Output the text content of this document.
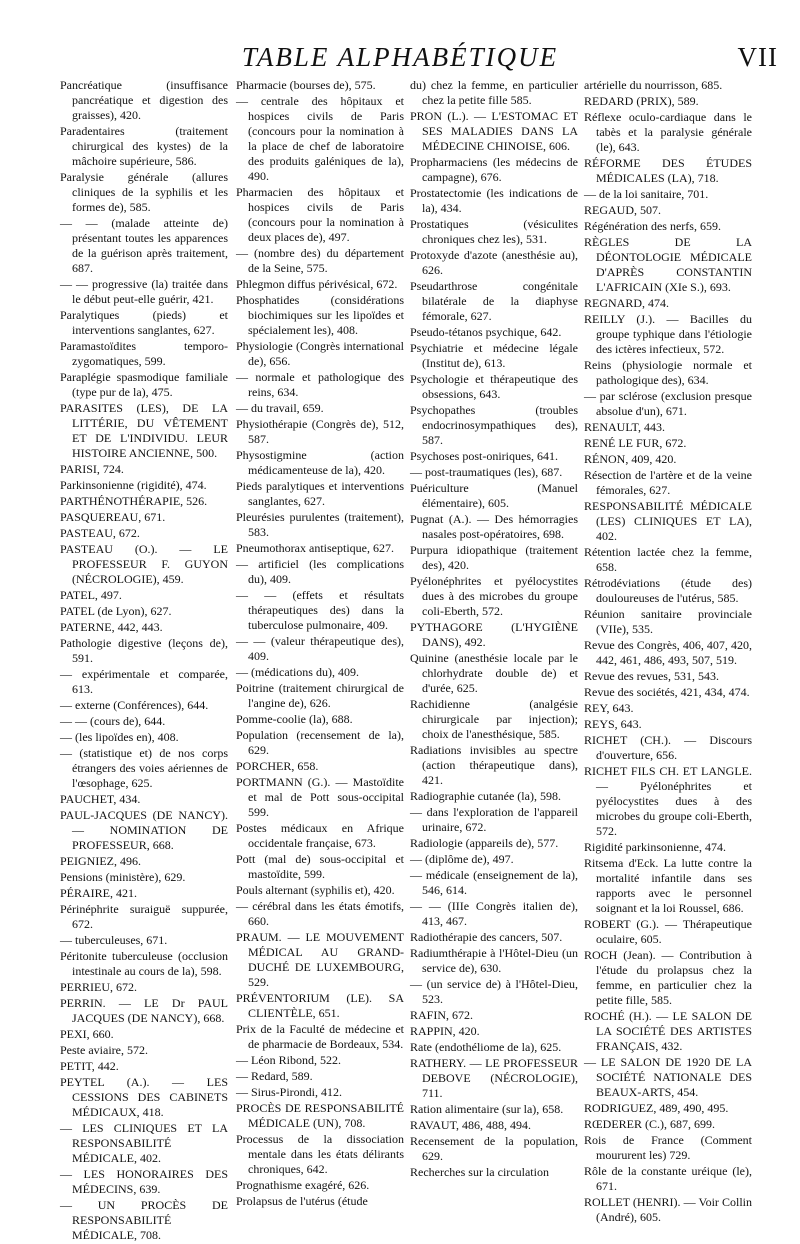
TABLE ALPHABÉTIQUE	VII

Pancréatique (insuffisance pancréatique et digestion des graisses), 420.

Paradentaires (traitement chirurgical des kystes) de la mâchoire supérieure, 586.

Paralysie générale (allures cliniques de la syphilis et les formes de), 585.

— — (malade atteinte de) présentant toutes les apparences de la guérison après traitement, 687.

— — progressive (la) traitée dans le début peut-elle guérir, 421.

Paralytiques (pieds) et interventions sanglantes, 627.

Paramastoïdites temporo-zygomatiques, 599.

Paraplégie spasmodique familiale (type pur de la), 475.

PARASITES (LES), DE LA LITTÉRIE, DU VÊTEMENT ET DE L'INDIVIDU. LEUR HISTOIRE ANCIENNE, 500.

PARISI, 724.

Parkinsonienne (rigidité), 474.

PARTHÉNOTHÉRAPIE, 526.

PASQUEREAU, 671.

PASTEAU, 672.

PASTEAU (O.). — LE PROFESSEUR F. GUYON (NÉCROLOGIE), 459.

PATEL, 497.

PATEL (de Lyon), 627.

PATERNE, 442, 443.

Pathologie digestive (leçons de), 591.

— expérimentale et comparée, 613.

— externe (Conférences), 644.

— — (cours de), 644.

— (les lipoïdes en), 408.

— (statistique et) de nos corps étrangers des voies aériennes de l'œsophage, 625.

PAUCHET, 434.

PAUL-JACQUES (DE NANCY). — NOMINATION DE PROFESSEUR, 668.

PEIGNIEZ, 496.

Pensions (ministère), 629.

PÉRAIRE, 421.

Périnéphrite suraiguë suppurée, 672.

— tuberculeuses, 671.

Péritonite tuberculeuse (occlusion intestinale au cours de la), 598.

PERRIEU, 672.

PERRIN. — LE Dr PAUL JACQUES (DE NANCY), 668.

PEXI, 660.

Peste aviaire, 572.

PETIT, 442.

PEYTEL (A.). — LES CESSIONS DES CABINETS MÉDICAUX, 418.

— LES CLINIQUES ET LA RESPONSABILITÉ MÉDICALE, 402.

— LES HONORAIRES DES MÉDECINS, 639.

— UN PROCÈS DE RESPONSABILITÉ MÉDICALE, 708.

Pharmacie (bourses de), 575.

— centrale des hôpitaux et hospices civils de Paris (concours pour la nomination à la place de chef de laboratoire des produits galéniques de la), 490.

Pharmacien des hôpitaux et hospices civils de Paris (concours pour la nomination à deux places de), 497.

— (nombre des) du département de la Seine, 575.

Phlegmon diffus périvésical, 672.

Phosphatides (considérations biochimiques sur les lipoïdes et spécialement les), 408.

Physiologie (Congrès international de), 656.

— normale et pathologique des reins, 634.

— du travail, 659.

Physiothérapie (Congrès de), 512, 587.

Physostigmine (action médicamenteuse de la), 420.

Pieds paralytiques et interventions sanglantes, 627.

Pleurésies purulentes (traitement), 583.

Pneumothorax antiseptique, 627.

— artificiel (les complications du), 409.

— — (effets et résultats thérapeutiques des) dans la tuberculose pulmonaire, 409.

— — (valeur thérapeutique des), 409.

— (médications du), 409.

Poitrine (traitement chirurgical de l'angine de), 626.

Pomme-coolie (la), 688.

Population (recensement de la), 629.

PORCHER, 658.

PORTMANN (G.). — Mastoïdite et mal de Pott sous-occipital 599.

Postes médicaux en Afrique occidentale française, 673.

Pott (mal de) sous-occipital et mastoïdite, 599.

Pouls alternant (syphilis et), 420.

— cérébral dans les états émotifs, 660.

PRAUM. — LE MOUVEMENT MÉDICAL AU GRAND-DUCHÉ DE LUXEMBOURG, 529.

PRÉVENTORIUM (LE). SA CLIENTÈLE, 651.

Prix de la Faculté de médecine et de pharmacie de Bordeaux, 534.

— Léon Ribond, 522.

— Redard, 589.

— Sirus-Pirondi, 412.

PROCÈS DE RESPONSABILITÉ MÉDICALE (UN), 708.

Processus de la dissociation mentale dans les états délirants chroniques, 642.

Prognathisme exagéré, 626.

Prolapsus de l'utérus (étude

du) chez la femme, en particulier chez la petite fille 585.

PRON (L.). — L'ESTOMAC ET SES MALADIES DANS LA MÉDECINE CHINOISE, 606.

Propharmaciens (les médecins de campagne), 676.

Prostatectomie (les indications de la), 434.

Prostatiques (vésiculites chroniques chez les), 531.

Protoxyde d'azote (anesthésie au), 626.

Pseudarthrose congénitale bilatérale de la diaphyse fémorale, 627.

Pseudo-tétanos psychique, 642.

Psychiatrie et médecine légale (Institut de), 613.

Psychologie et thérapeutique des obsessions, 643.

Psychopathes (troubles endocrinosympathiques des), 587.

Psychoses post-oniriques, 641.

— post-traumatiques (les), 687.

Puériculture (Manuel élémentaire), 605.

Pugnat (A.). — Des hémorragies nasales post-opératoires, 698.

Purpura idiopathique (traitement des), 420.

Pyélonéphrites et pyélocystites dues à des microbes du groupe coli-Eberth, 572.

PYTHAGORE (L'HYGIÈNE DANS), 492.

Quinine (anesthésie locale par le chlorhydrate double de) et d'urée, 625.

Rachidienne (analgésie chirurgicale par injection); choix de l'anesthésique, 585.

Radiations invisibles au spectre (action thérapeutique dans), 421.

Radiographie cutanée (la), 598.

— dans l'exploration de l'appareil urinaire, 672.

Radiologie (appareils de), 577.

— (diplôme de), 497.

— médicale (enseignement de la), 546, 614.

— — (IIIe Congrès italien de), 413, 467.

Radiothérapie des cancers, 507.

Radiumthérapie à l'Hôtel-Dieu (un service de), 630.

— (un service de) à l'Hôtel-Dieu, 523.

RAFIN, 672.

RAPPIN, 420.

Rate (endothéliome de la), 625.

RATHERY. — LE PROFESSEUR DEBOVE (NÉCROLOGIE), 711.

Ration alimentaire (sur la), 658.

RAVAUT, 486, 488, 494.

Recensement de la population, 629.

Recherches sur la circulation

artérielle du nourrisson, 685.

REDARD (PRIX), 589.

Réflexe oculo-cardiaque dans le tabès et la paralysie générale (le), 643.

RÉFORME DES ÉTUDES MÉDICALES (LA), 718.

— de la loi sanitaire, 701.

REGAUD, 507.

Régénération des nerfs, 659.

RÈGLES DE LA DÉONTOLOGIE MÉDICALE D'APRÈS CONSTANTIN L'AFRICAIN (XIe S.), 693.

REGNARD, 474.

REILLY (J.). — Bacilles du groupe typhique dans l'étiologie des ictères infectieux, 572.

Reins (physiologie normale et pathologique des), 634.

— par sclérose (exclusion presque absolue d'un), 671.

RENAULT, 443.

RENÉ LE FUR, 672.

RÉNON, 409, 420.

Résection de l'artère et de la veine fémorales, 627.

RESPONSABILITÉ MÉDICALE (LES) CLINIQUES ET LA), 402.

Rétention lactée chez la femme, 658.

Rétrodéviations (étude des) douloureuses de l'utérus, 585.

Réunion sanitaire provinciale (VIIe), 535.

Revue des Congrès, 406, 407, 420, 442, 461, 486, 493, 507, 519.

Revue des revues, 531, 543.

Revue des sociétés, 421, 434, 474.

REY, 643.

REYS, 643.

RICHET (CH.). — Discours d'ouverture, 656.

RICHET FILS CH. ET LANGLE. — Pyélonéphrites et pyélocystites dues à des microbes du groupe coli-Eberth, 572.

Rigidité parkinsonienne, 474.

Ritsema d'Eck. La lutte contre la mortalité infantile dans ses rapports avec le personnel soignant et la loi Roussel, 686.

ROBERT (G.). — Thérapeutique oculaire, 605.

ROCH (Jean). — Contribution à l'étude du prolapsus chez la femme, en particulier chez la petite fille, 585.

ROCHÉ (H.). — LE SALON DE LA SOCIÉTÉ DES ARTISTES FRANÇAIS, 432.

— LE SALON DE 1920 DE LA SOCIÉTÉ NATIONALE DES BEAUX-ARTS, 454.

RODRIGUEZ, 489, 490, 495.

RŒDERER (C.), 687, 699.

Rois de France (Comment moururent les) 729.

Rôle de la constante uréique (le), 671.

ROLLET (HENRI). — Voir Collin (André), 605.
